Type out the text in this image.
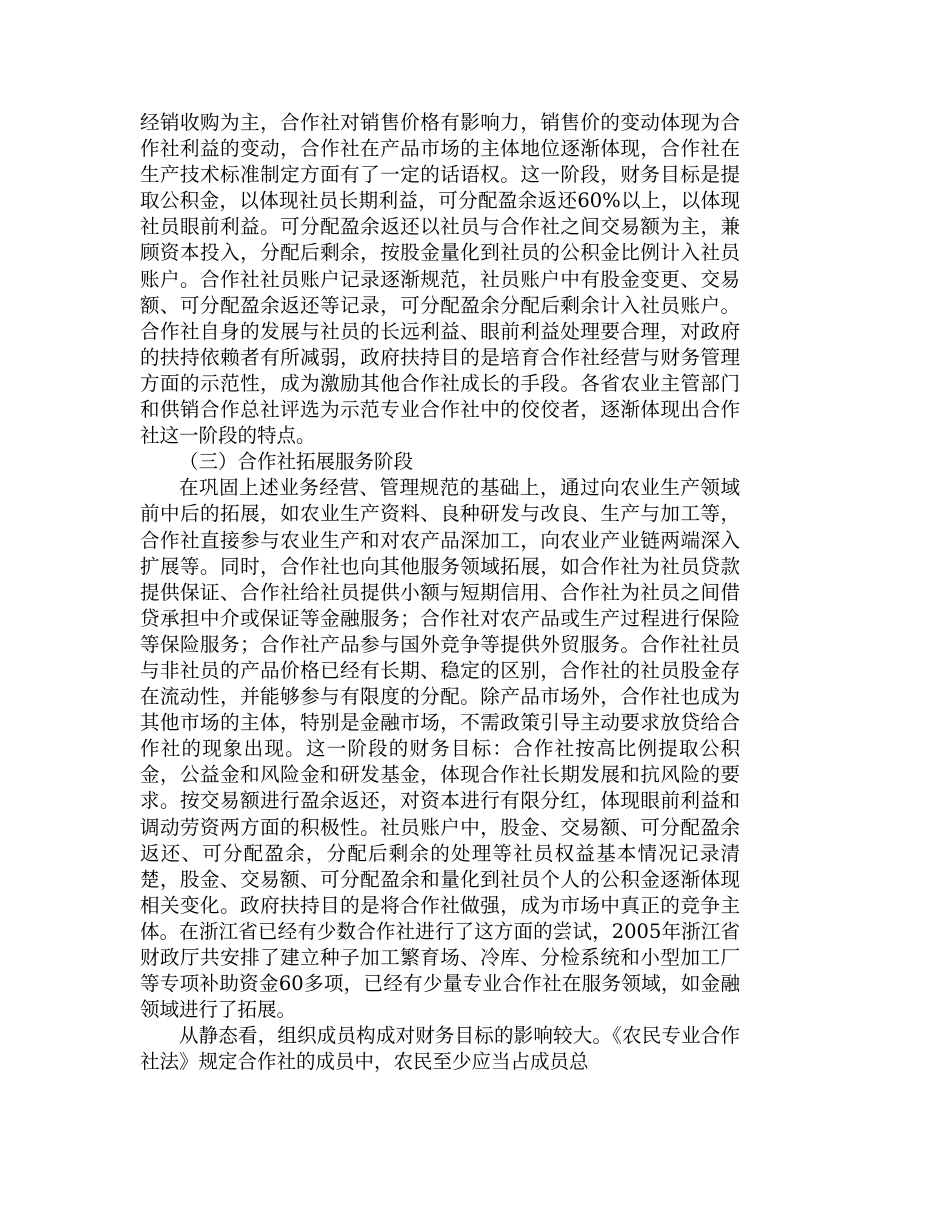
经销收购为主，合作社对销售价格有影响力，销售价的变动体现为合作社利益的变动，合作社在产品市场的主体地位逐渐体现，合作社在生产技术标准制定方面有了一定的话语权。这一阶段，财务目标是提取公积金，以体现社员长期利益，可分配盈余返还60%以上，以体现社员眼前利益。可分配盈余返还以社员与合作社之间交易额为主，兼顾资本投入，分配后剩余，按股金量化到社员的公积金比例计入社员账户。合作社社员账户记录逐渐规范，社员账户中有股金变更、交易额、可分配盈余返还等记录，可分配盈余分配后剩余计入社员账户。合作社自身的发展与社员的长远利益、眼前利益处理要合理，对政府的扶持依赖者有所减弱，政府扶持目的是培育合作社经营与财务管理方面的示范性，成为激励其他合作社成长的手段。各省农业主管部门和供销合作总社评选为示范专业合作社中的佼佼者，逐渐体现出合作社这一阶段的特点。

（三）合作社拓展服务阶段

在巩固上述业务经营、管理规范的基础上，通过向农业生产领域前中后的拓展，如农业生产资料、良种研发与改良、生产与加工等，合作社直接参与农业生产和对农产品深加工，向农业产业链两端深入扩展等。同时，合作社也向其他服务领域拓展，如合作社为社员贷款提供保证、合作社给社员提供小额与短期信用、合作社为社员之间借贷承担中介或保证等金融服务；合作社对农产品或生产过程进行保险等保险服务；合作社产品参与国外竞争等提供外贸服务。合作社社员与非社员的产品价格已经有长期、稳定的区别，合作社的社员股金存在流动性，并能够参与有限度的分配。除产品市场外，合作社也成为其他市场的主体，特别是金融市场，不需政策引导主动要求放贷给合作社的现象出现。这一阶段的财务目标：合作社按高比例提取公积金，公益金和风险金和研发基金，体现合作社长期发展和抗风险的要求。按交易额进行盈余返还，对资本进行有限分红，体现眼前利益和调动劳资两方面的积极性。社员账户中，股金、交易额、可分配盈余返还、可分配盈余，分配后剩余的处理等社员权益基本情况记录清楚，股金、交易额、可分配盈余和量化到社员个人的公积金逐渐体现相关变化。政府扶持目的是将合作社做强，成为市场中真正的竞争主体。在浙江省已经有少数合作社进行了这方面的尝试，2005年浙江省财政厅共安排了建立种子加工繁育场、冷库、分检系统和小型加工厂等专项补助资金60多项，已经有少量专业合作社在服务领域，如金融领域进行了拓展。

从静态看，组织成员构成对财务目标的影响较大。《农民专业合作社法》规定合作社的成员中，农民至少应当占成员总
